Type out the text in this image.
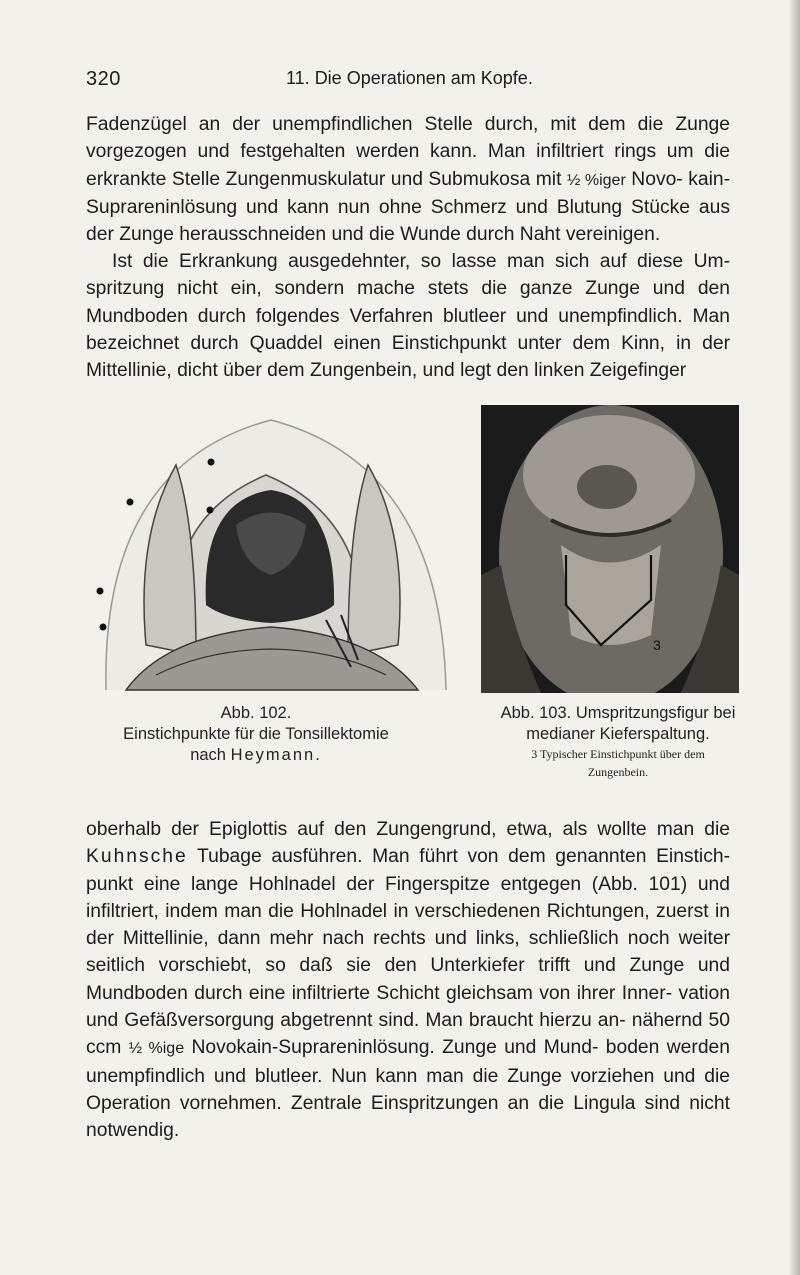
320	11. Die Operationen am Kopfe.

Fadenzügel an der unempfindlichen Stelle durch, mit dem die Zunge vorgezogen und festgehalten werden kann. Man infiltriert rings um die erkrankte Stelle Zungenmuskulatur und Submukosa mit ½ %iger Novo- kain-Suprareninlösung und kann nun ohne Schmerz und Blutung Stücke aus der Zunge herausschneiden und die Wunde durch Naht vereinigen.

Ist die Erkrankung ausgedehnter, so lasse man sich auf diese Um- spritzung nicht ein, sondern mache stets die ganze Zunge und den Mundboden durch folgendes Verfahren blutleer und unempfindlich. Man bezeichnet durch Quaddel einen Einstichpunkt unter dem Kinn, in der Mittellinie, dicht über dem Zungenbein, und legt den linken Zeigefinger

3
Abb. 102.
Einstichpunkte für die Tonsillektomie
nach Heymann.
Abb. 103. Umspritzungsfigur bei
medianer Kieferspaltung.
3 Typischer Einstichpunkt über dem
Zungenbein.

oberhalb der Epiglottis auf den Zungengrund, etwa, als wollte man die Kuhnsche Tubage ausführen. Man führt von dem genannten Einstich- punkt eine lange Hohlnadel der Fingerspitze entgegen (Abb. 101) und infiltriert, indem man die Hohlnadel in verschiedenen Richtungen, zuerst in der Mittellinie, dann mehr nach rechts und links, schließlich noch weiter seitlich vorschiebt, so daß sie den Unterkiefer trifft und Zunge und Mundboden durch eine infiltrierte Schicht gleichsam von ihrer Inner- vation und Gefäßversorgung abgetrennt sind. Man braucht hierzu an- nähernd 50 ccm ½ %ige Novokain-Suprareninlösung. Zunge und Mund- boden werden unempfindlich und blutleer. Nun kann man die Zunge vorziehen und die Operation vornehmen. Zentrale Einspritzungen an die Lingula sind nicht notwendig.
